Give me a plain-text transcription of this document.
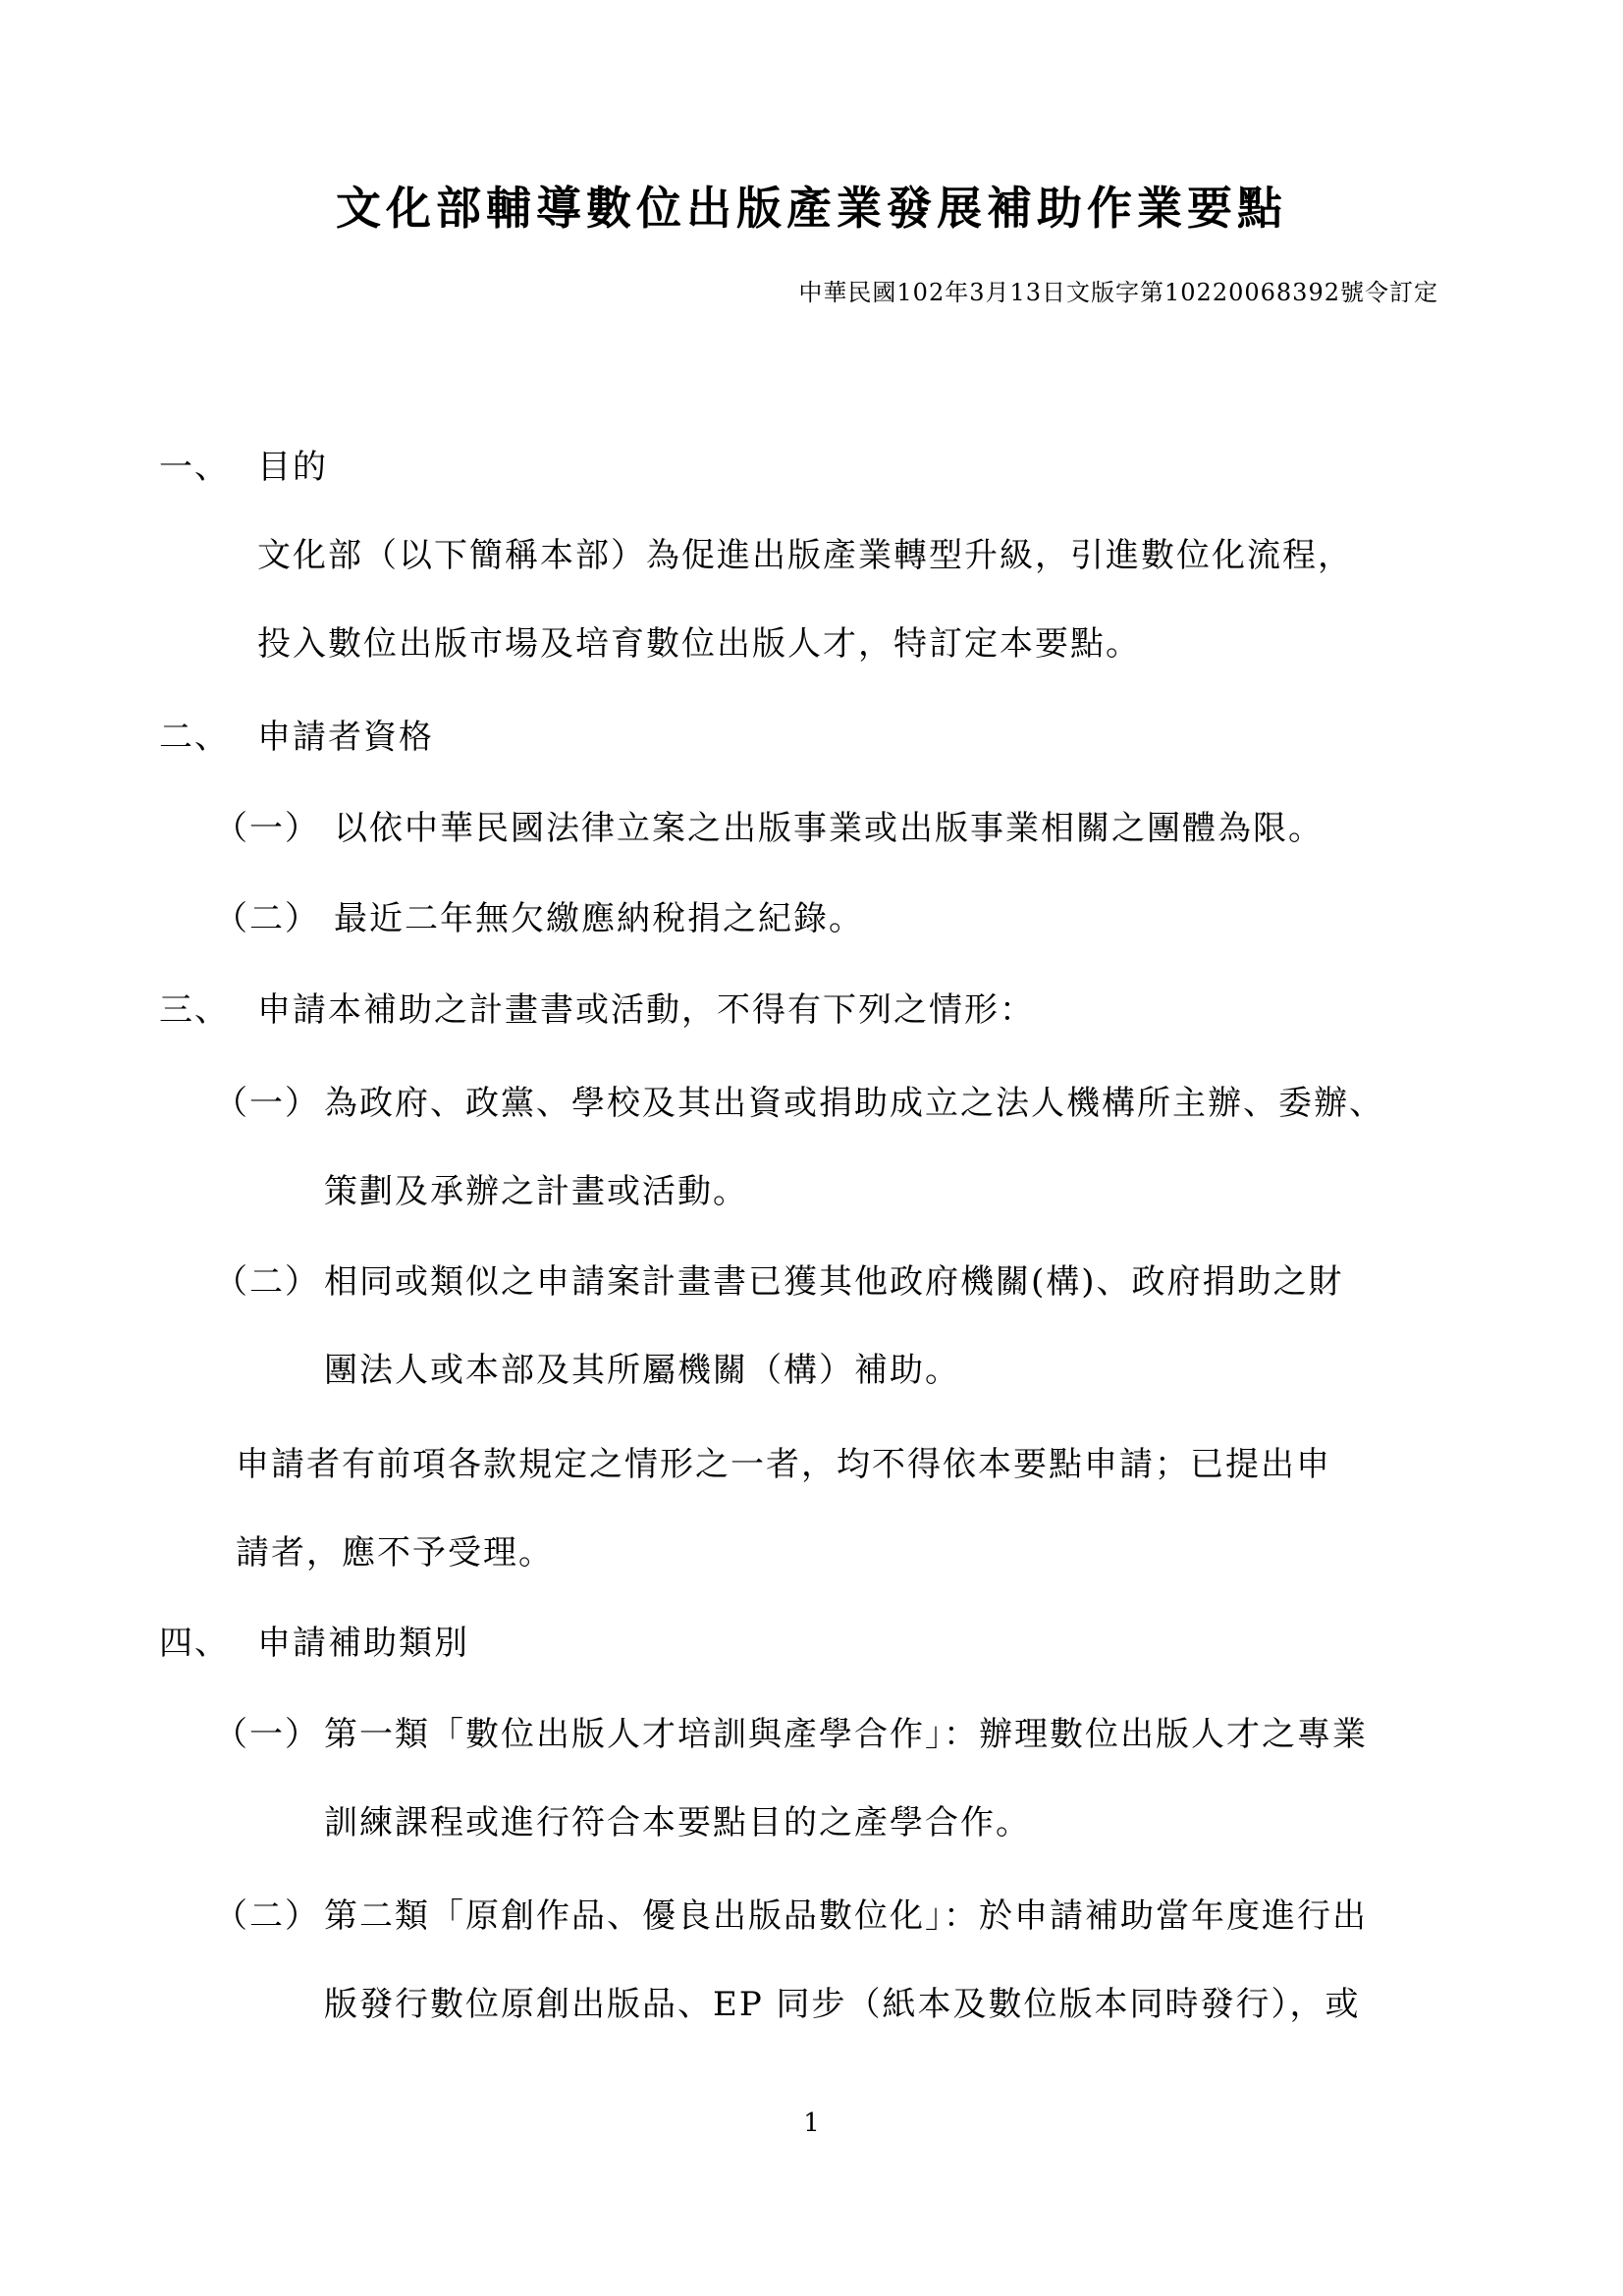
文化部輔導數位出版產業發展補助作業要點
中華民國102年3月13日文版字第10220068392號令訂定
一、 目的
文化部（以下簡稱本部）為促進出版產業轉型升級，引進數位化流程，
投入數位出版市場及培育數位出版人才，特訂定本要點。
二、 申請者資格
（一） 以依中華民國法律立案之出版事業或出版事業相關之團體為限。
（二） 最近二年無欠繳應納稅捐之紀錄。
三、 申請本補助之計畫書或活動，不得有下列之情形：
（一） 為政府、政黨、學校及其出資或捐助成立之法人機構所主辦、委辦、
策劃及承辦之計畫或活動。
（二） 相同或類似之申請案計畫書已獲其他政府機關(構)、政府捐助之財
團法人或本部及其所屬機關（構）補助。
申請者有前項各款規定之情形之一者，均不得依本要點申請；已提出申
請者，應不予受理。
四、 申請補助類別
（一） 第一類「數位出版人才培訓與產學合作」：辦理數位出版人才之專業
訓練課程或進行符合本要點目的之產學合作。
（二） 第二類「原創作品、優良出版品數位化」：於申請補助當年度進行出
版發行數位原創出版品、EP 同步（紙本及數位版本同時發行），或
1
